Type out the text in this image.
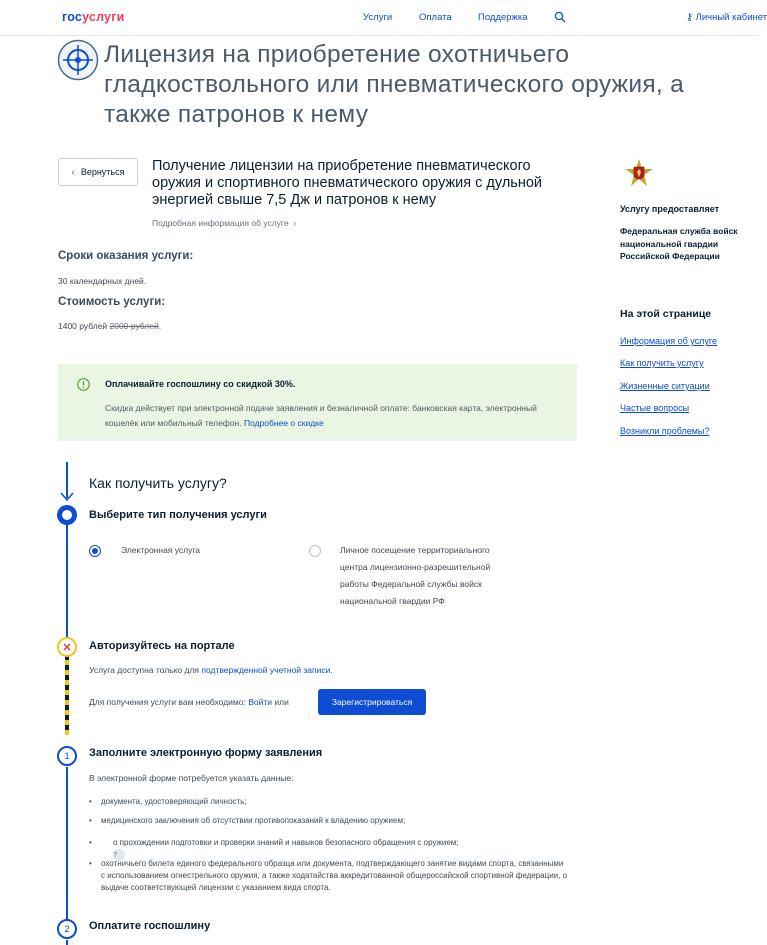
госуслуги	Услуги	Оплата	Поддержка	⚷ Личный кабинет
Лицензия на приобретение охотничьего гладкоствольного или пневматического оружия, а также патронов к нему
‹ Вернуться Получение лицензии на приобретение пневматического оружия и спортивного пневматического оружия с дульной энергией свыше 7,5 Дж и патронов к нему
Подробная информация об услуге  ›
Сроки оказания услуги:
30 календарных дней.
Стоимость услуги:
1400 рублей 2000 рублей.
Оплачивайте госпошлину со скидкой 30%.
Скидка действует при электронной подаче заявления и безналичной оплате: банковская карта, электронный кошелёк или мобильный телефон. Подробнее о скидке
Услугу предоставляет
Федеральная служба войск национальной гвардии Российской Федерации
На этой странице
Информация об услуге
Как получить услугу
Жизненные ситуации
Частые вопросы
Возникли проблемы?
Как получить услугу?
Выберите тип получения услуги
Электронная услуга	Личное посещение территориального центра лицензионно-разрешительной работы Федеральной службы войск национальной гвардии РФ
Авторизуйтесь на портале
Услуга доступна только для подтвержденной учетной записи.
Для получения услуги вам необходимо: Войти или	Зарегистрироваться
1	Заполните электронную форму заявления
В электронной форме потребуется указать данные:
• документа, удостоверяющий личность;
• медицинского заключения об отсутствии противопоказаний к владению оружием;
• о прохождении подготовки и проверки знаний и навыков безопасного обращения с оружием;
?
• охотничьего билета единого федерального образца или документа, подтверждающего занятие видами спорта, связанными с использованием огнестрельного оружия, а также ходатайства аккредитованной общероссийской спортивной федерации, о выдаче соответствующей лицензии с указанием вида спорта.
2	Оплатите госпошлину
